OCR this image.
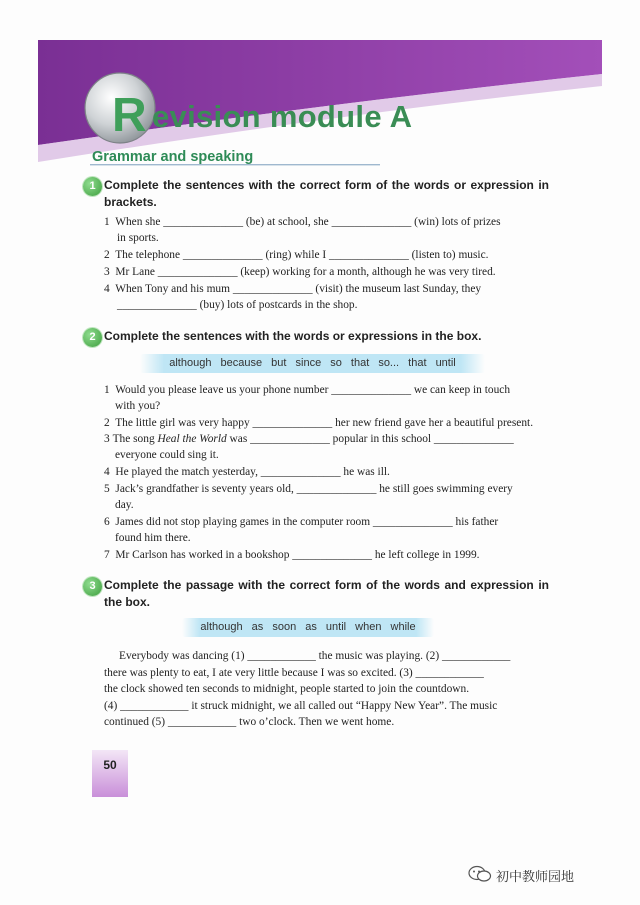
R evision module A
Grammar and speaking
1 Complete the sentences with the correct form of the words or expression in brackets.
1 When she ______________ (be) at school, she ______________ (win) lots of prizes
in sports.
2 The telephone ______________ (ring) while I ______________ (listen to) music.
3 Mr Lane ______________ (keep) working for a month, although he was very tired.
4 When Tony and his mum ______________ (visit) the museum last Sunday, they
______________ (buy) lots of postcards in the shop.
2 Complete the sentences with the words or expressions in the box.
although because but since so that so... that until
1 Would you please leave us your phone number ______________ we can keep in touch
with you?
2 The little girl was very happy ______________ her new friend gave her a beautiful present.
3 The song Heal the World was ______________ popular in this school ______________
everyone could sing it.
4 He played the match yesterday, ______________ he was ill.
5 Jack’s grandfather is seventy years old, ______________ he still goes swimming every
day.
6 James did not stop playing games in the computer room ______________ his father
found him there.
7 Mr Carlson has worked in a bookshop ______________ he left college in 1999.
3 Complete the passage with the correct form of the words and expression in the box.
although as soon as until when while
Everybody was dancing (1) ____________ the music was playing. (2) ____________
there was plenty to eat, I ate very little because I was so excited. (3) ____________
the clock showed ten seconds to midnight, people started to join the countdown.
(4) ____________ it struck midnight, we all called out “Happy New Year”. The music
continued (5) ____________ two o’clock. Then we went home.
50
初中教师园地
